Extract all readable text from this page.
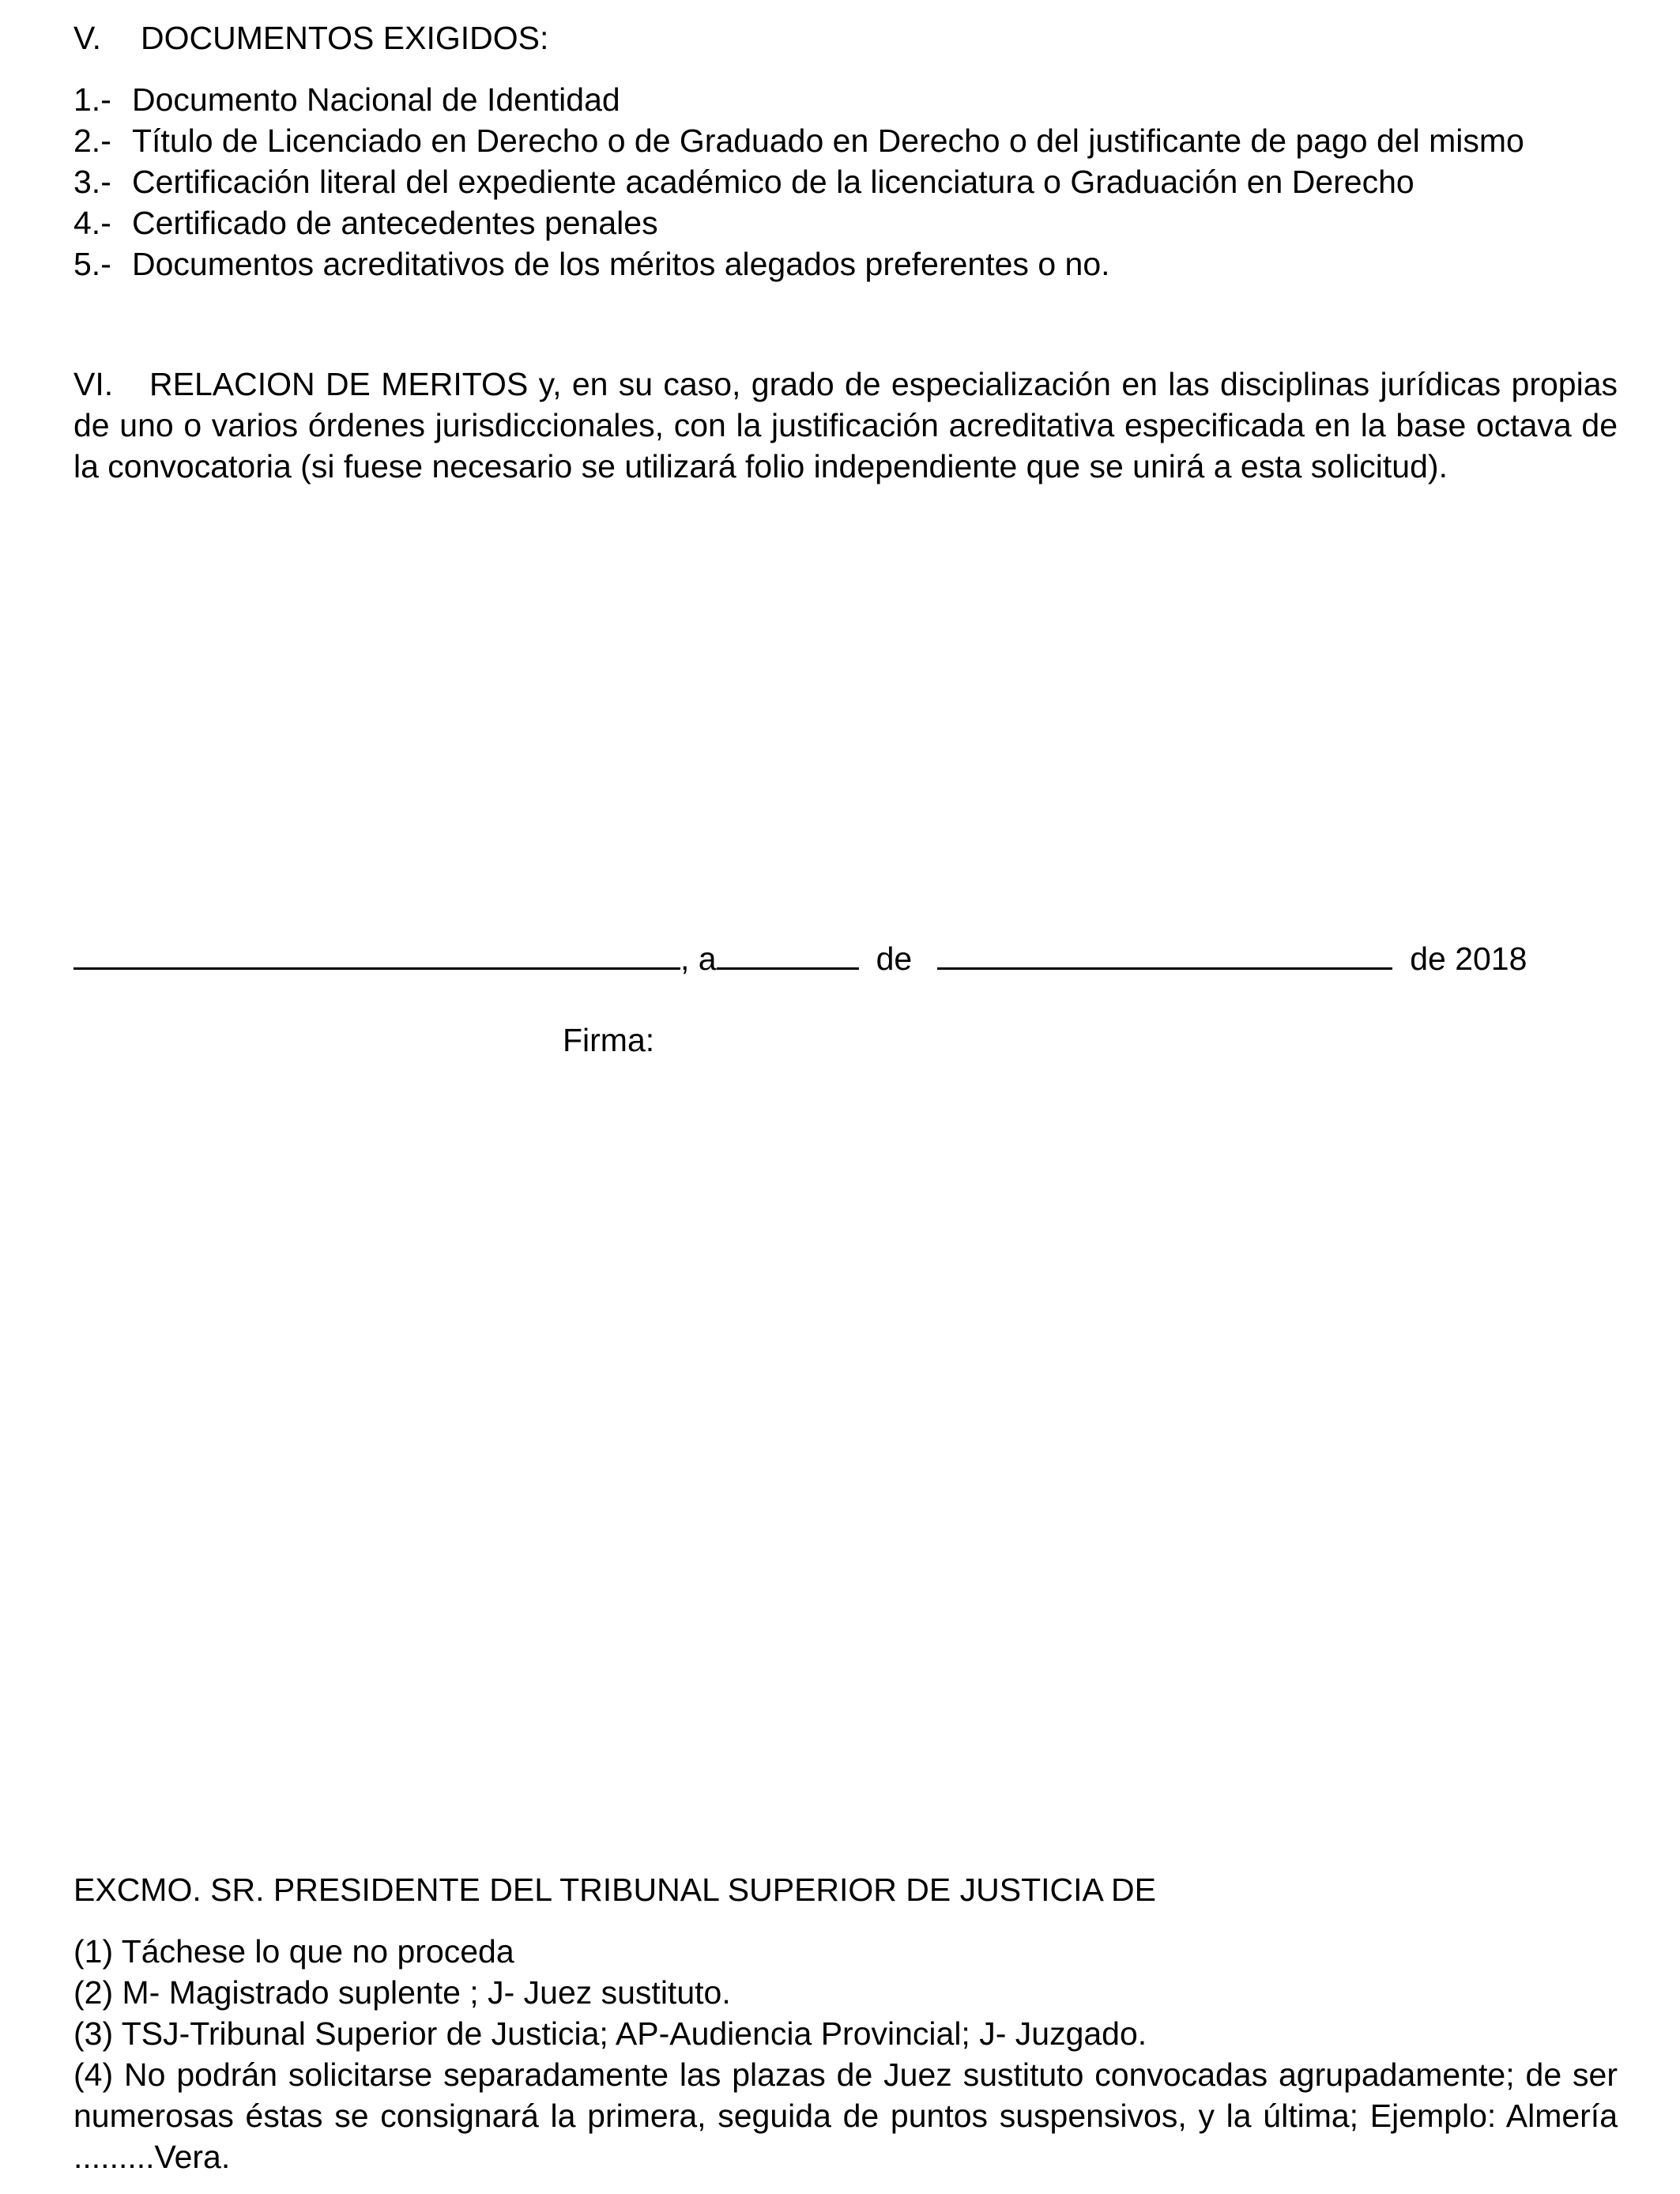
V. DOCUMENTOS EXIGIDOS:
1.- Documento Nacional de Identidad
2.- Título de Licenciado en Derecho o de Graduado en Derecho o del justificante de pago del mismo
3.- Certificación literal del expediente académico de la licenciatura o Graduación en Derecho
4.- Certificado de antecedentes penales
5.- Documentos acreditativos de los méritos alegados preferentes o no.
VI. RELACION DE MERITOS y, en su caso, grado de especialización en las disciplinas jurídicas propias de uno o varios órdenes jurisdiccionales, con la justificación acreditativa especificada en la base octava de la convocatoria (si fuese necesario se utilizará folio independiente que se unirá a esta solicitud).
, a	de	de 2018
Firma:
EXCMO. SR. PRESIDENTE DEL TRIBUNAL SUPERIOR DE JUSTICIA DE

(1) Táchese lo que no proceda

(2) M- Magistrado suplente ; J- Juez sustituto.

(3) TSJ-Tribunal Superior de Justicia; AP-Audiencia Provincial; J- Juzgado.

(4) No podrán solicitarse separadamente las plazas de Juez sustituto convocadas agrupadamente; de ser numerosas éstas se consignará la primera, seguida de puntos suspensivos, y la última; Ejemplo: Almería .........Vera.
